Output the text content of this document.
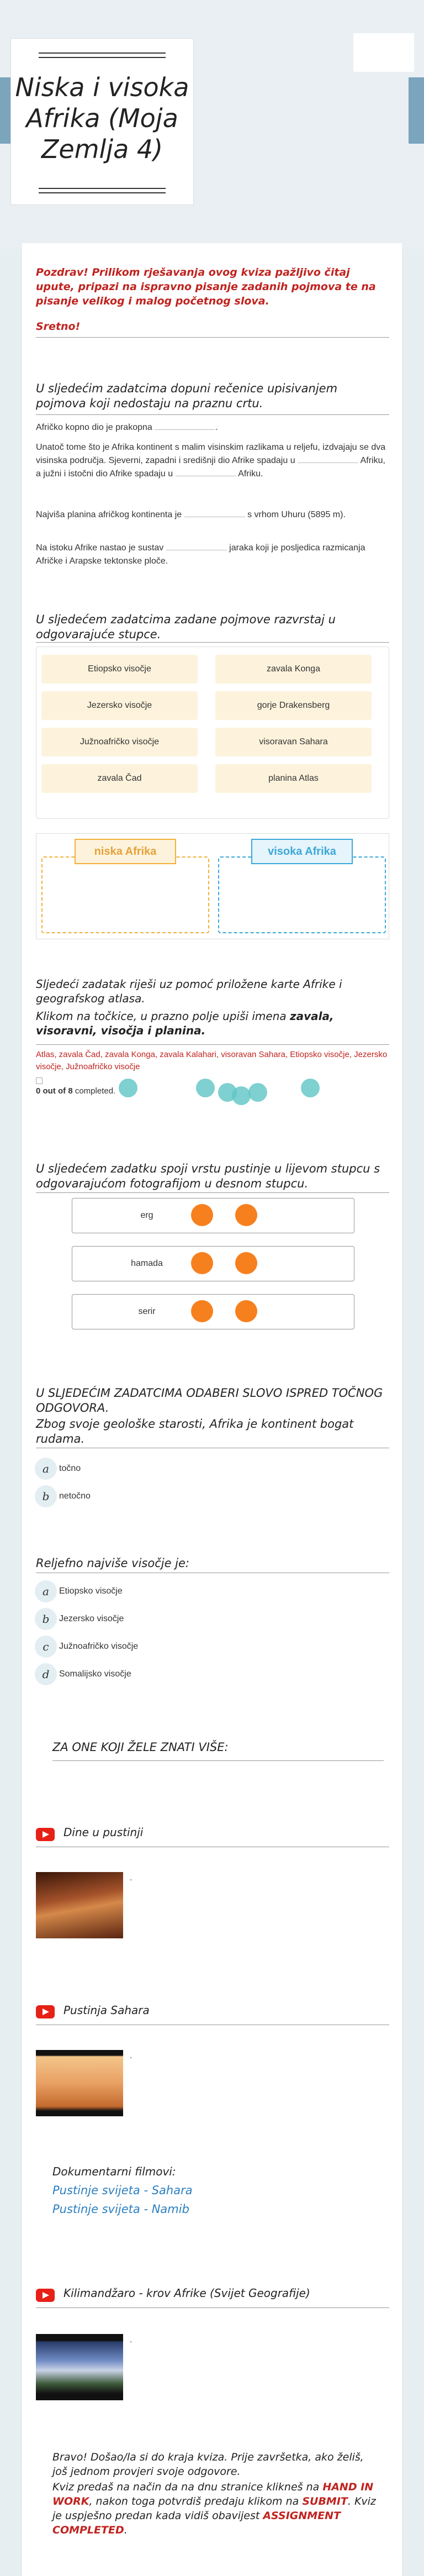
Niska i visoka Afrika (Moja Zemlja 4)
Pozdrav! Prilikom rješavanja ovog kviza pažljivo čitaj upute, pripazi na ispravno pisanje zadanih pojmova te na pisanje velikog i malog početnog slova.
Sretno!
U sljedećim zadatcima dopuni rečenice upisivanjem pojmova koji nedostaju na praznu crtu.
Afričko kopno dio je prakopna	.
Unatoč tome što je Afrika kontinent s malim visinskim razlikama u reljefu, izdvajaju se dva visinska područja. Sjeverni, zapadni i središnji dio Afrike spadaju u	Afriku, a južni i istočni dio Afrike spadaju u	Afriku.
Najviša planina afričkog kontinenta je	s vrhom Uhuru (5895 m).
Na istoku Afrike nastao je sustav	jaraka koji je posljedica razmicanja Afričke i Arapske tektonske ploče.
U sljedećem zadatcima zadane pojmove razvrstaj u odgovarajuće stupce.
Etiopsko visočje	zavala Konga
Jezersko visočje	gorje Drakensberg
Južnoafričko visočje	visoravan Sahara
zavala Čad	planina Atlas
niska Afrika	visoka Afrika
Sljedeći zadatak riješi uz pomoć priložene karte Afrike i geografskog atlasa.
Klikom na točkice, u prazno polje upiši imena zavala, visoravni, visočja i planina.
Atlas, zavala Čad, zavala Konga, zavala Kalahari, visoravan Sahara, Etiopsko visočje, Jezersko visočje, Južnoafričko visočje
0 out of 8 completed.
U sljedećem zadatku spoji vrstu pustinje u lijevom stupcu s odgovarajućom fotografijom u desnom stupcu.
erg
hamada
serir
U SLJEDEĆIM ZADATCIMA ODABERI SLOVO ISPRED TOČNOG ODGOVORA.
Zbog svoje geološke starosti, Afrika je kontinent bogat rudama.
a	točno
b	netočno
Reljefno najviše visočje je:
a	Etiopsko visočje
b	Jezersko visočje
c	Južnoafričko visočje
d	Somalijsko visočje
ZA ONE KOJI ŽELE ZNATI VIŠE:
Dine u pustinji
.
Pustinja Sahara
.
Dokumentarni filmovi:
Pustinje svijeta - Sahara
Pustinje svijeta - Namib
Kilimandžaro - krov Afrike (Svijet Geografije)
.
Bravo! Došao/la si do kraja kviza. Prije završetka, ako želiš, još jednom provjeri svoje odgovore.
Kviz predaš na način da na dnu stranice klikneš na HAND IN WORK, nakon toga potvrdiš predaju klikom na SUBMIT. Kviz je uspješno predan kada vidiš obavijest ASSIGNMENT COMPLETED.
